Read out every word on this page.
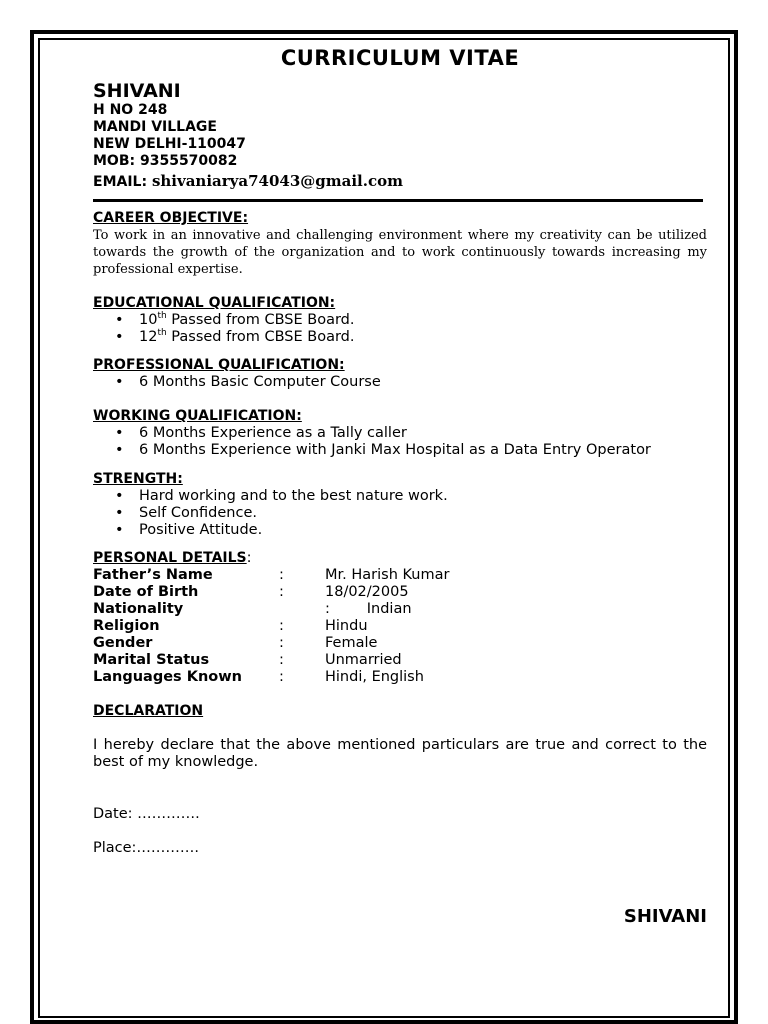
CURRICULUM VITAE
SHIVANI
H NO 248
MANDI VILLAGE
NEW DELHI-110047
MOB: 9355570082
EMAIL: shivaniarya74043@gmail.com
CAREER OBJECTIVE:
To work in an innovative and challenging environment where my creativity can be utilized towards the growth of the organization and to work continuously towards increasing my professional expertise.
EDUCATIONAL QUALIFICATION:
• 10th Passed from CBSE Board.
• 12th Passed from CBSE Board.
PROFESSIONAL QUALIFICATION:
• 6 Months Basic Computer Course
WORKING QUALIFICATION:
• 6 Months Experience as a Tally caller
• 6 Months Experience with Janki Max Hospital as a Data Entry Operator
STRENGTH:
• Hard working and to the best nature work.
• Self Confidence.
• Positive Attitude.
PERSONAL DETAILS:
Father’s Name	:	Mr. Harish Kumar
Date of Birth	:	18/02/2005
Nationality	:        Indian
Religion	:	Hindu
Gender	:	Female
Marital Status	:	Unmarried
Languages Known	:	Hindi, English
DECLARATION
I hereby declare that the above mentioned particulars are true and correct to the best of my knowledge.
Date: ………….
Place:………….
SHIVANI
